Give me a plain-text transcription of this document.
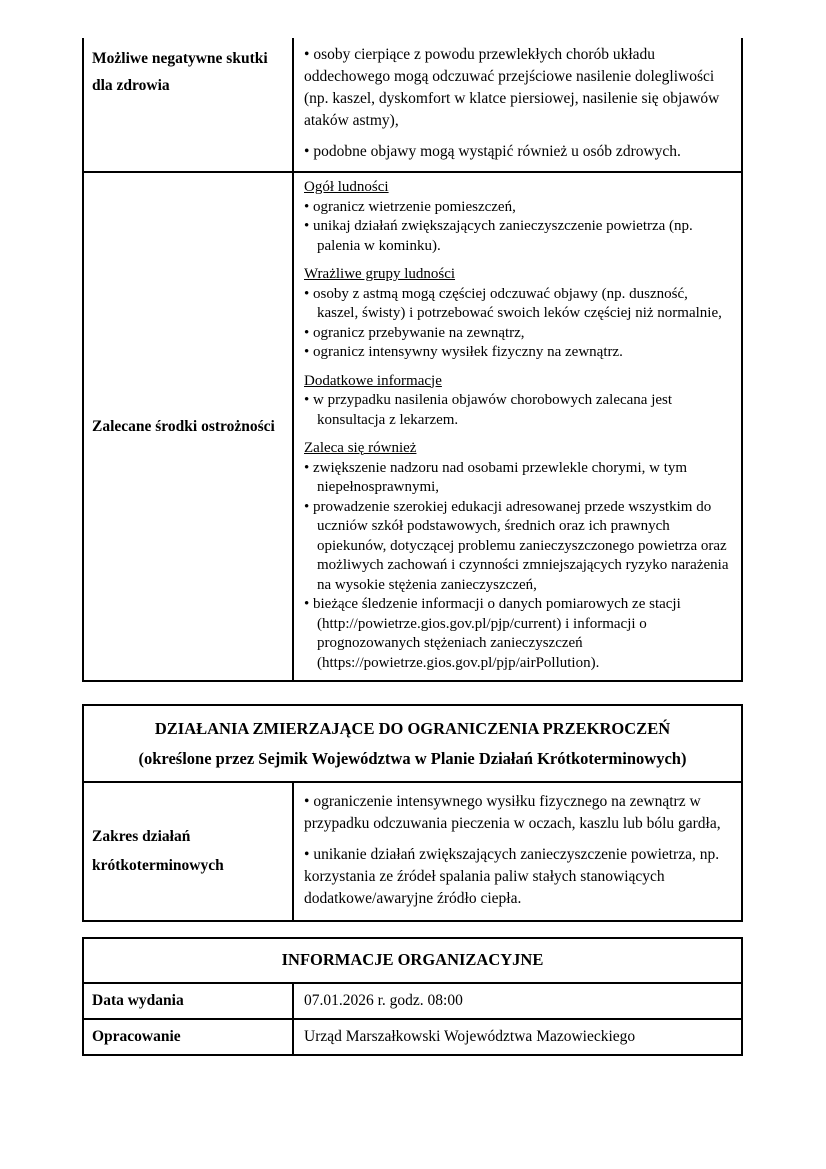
Możliwe negatywne skutki dla zdrowia
• osoby cierpiące z powodu przewlekłych chorób układu oddechowego mogą odczuwać przejściowe nasilenie dolegliwości (np. kaszel, dyskomfort w klatce piersiowej, nasilenie się objawów ataków astmy),
• podobne objawy mogą wystąpić również u osób zdrowych.
Zalecane środki ostrożności
Ogół ludności
• ogranicz wietrzenie pomieszczeń,
• unikaj działań zwiększających zanieczyszczenie powietrza (np. palenia w kominku).
Wrażliwe grupy ludności
• osoby z astmą mogą częściej odczuwać objawy (np. duszność, kaszel, świsty) i potrzebować swoich leków częściej niż normalnie,
• ogranicz przebywanie na zewnątrz,
• ogranicz intensywny wysiłek fizyczny na zewnątrz.
Dodatkowe informacje
• w przypadku nasilenia objawów chorobowych zalecana jest konsultacja z lekarzem.
Zaleca się również
• zwiększenie nadzoru nad osobami przewlekle chorymi, w tym niepełnosprawnymi,
• prowadzenie szerokiej edukacji adresowanej przede wszystkim do uczniów szkół podstawowych, średnich oraz ich prawnych opiekunów, dotyczącej problemu zanieczyszczonego powietrza oraz możliwych zachowań i czynności zmniejszających ryzyko narażenia na wysokie stężenia zanieczyszczeń,
• bieżące śledzenie informacji o danych pomiarowych ze stacji (http://powietrze.gios.gov.pl/pjp/current) i informacji o prognozowanych stężeniach zanieczyszczeń (https://powietrze.gios.gov.pl/pjp/airPollution).
DZIAŁANIA ZMIERZAJĄCE DO OGRANICZENIA PRZEKROCZEŃ
(określone przez Sejmik Województwa w Planie Działań Krótkoterminowych)
Zakres działań krótkoterminowych
• ograniczenie intensywnego wysiłku fizycznego na zewnątrz w przypadku odczuwania pieczenia w oczach, kaszlu lub bólu gardła,
• unikanie działań zwiększających zanieczyszczenie powietrza, np. korzystania ze źródeł spalania paliw stałych stanowiących dodatkowe/awaryjne źródło ciepła.
INFORMACJE ORGANIZACYJNE
Data wydania	07.01.2026 r. godz. 08:00
Opracowanie	Urząd Marszałkowski Województwa Mazowieckiego
